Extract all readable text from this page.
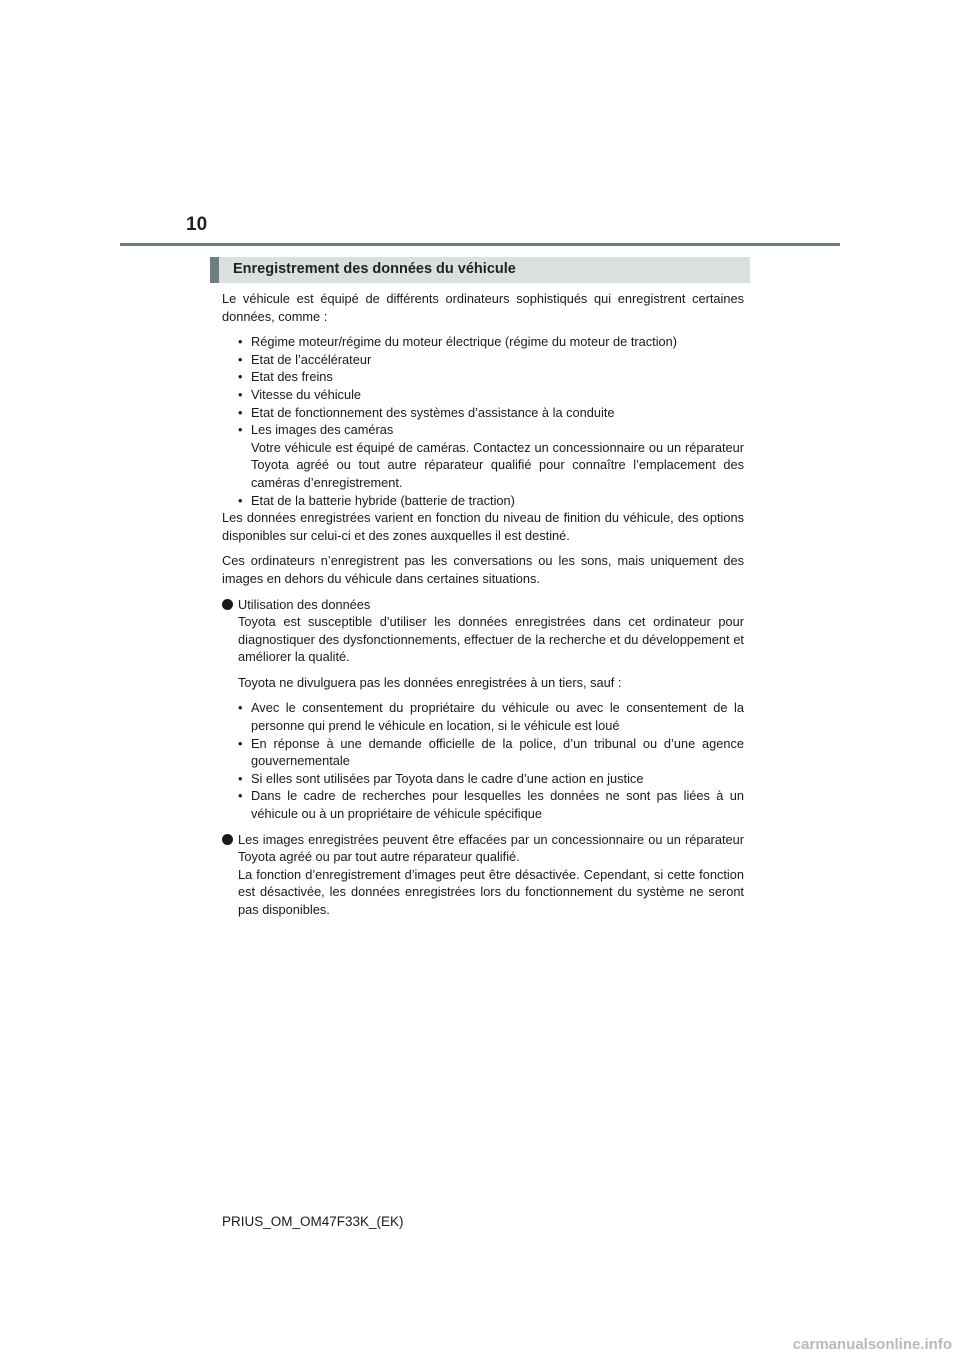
10
Enregistrement des données du véhicule

Le véhicule est équipé de différents ordinateurs sophistiqués qui enregistrent certaines données, comme :

• Régime moteur/régime du moteur électrique (régime du moteur de traction)
• Etat de l’accélérateur
• Etat des freins
• Vitesse du véhicule
• Etat de fonctionnement des systèmes d’assistance à la conduite
• Les images des caméras
Votre véhicule est équipé de caméras. Contactez un concessionnaire ou un réparateur Toyota agréé ou tout autre réparateur qualifié pour connaître l’emplacement des caméras d’enregistrement.
• Etat de la batterie hybride (batterie de traction)

Les données enregistrées varient en fonction du niveau de finition du véhicule, des options disponibles sur celui-ci et des zones auxquelles il est destiné.

Ces ordinateurs n’enregistrent pas les conversations ou les sons, mais uniquement des images en dehors du véhicule dans certaines situations.

Utilisation des données
Toyota est susceptible d’utiliser les données enregistrées dans cet ordinateur pour diagnostiquer des dysfonctionnements, effectuer de la recherche et du développement et améliorer la qualité.

Toyota ne divulguera pas les données enregistrées à un tiers, sauf :

• Avec le consentement du propriétaire du véhicule ou avec le consentement de la personne qui prend le véhicule en location, si le véhicule est loué
• En réponse à une demande officielle de la police, d’un tribunal ou d’une agence gouvernementale
• Si elles sont utilisées par Toyota dans le cadre d’une action en justice
• Dans le cadre de recherches pour lesquelles les données ne sont pas liées à un véhicule ou à un propriétaire de véhicule spécifique
Les images enregistrées peuvent être effacées par un concessionnaire ou un réparateur Toyota agréé ou par tout autre réparateur qualifié.
La fonction d’enregistrement d’images peut être désactivée. Cependant, si cette fonction est désactivée, les données enregistrées lors du fonctionnement du système ne seront pas disponibles.
PRIUS_OM_OM47F33K_(EK)
carmanualsonline.info
